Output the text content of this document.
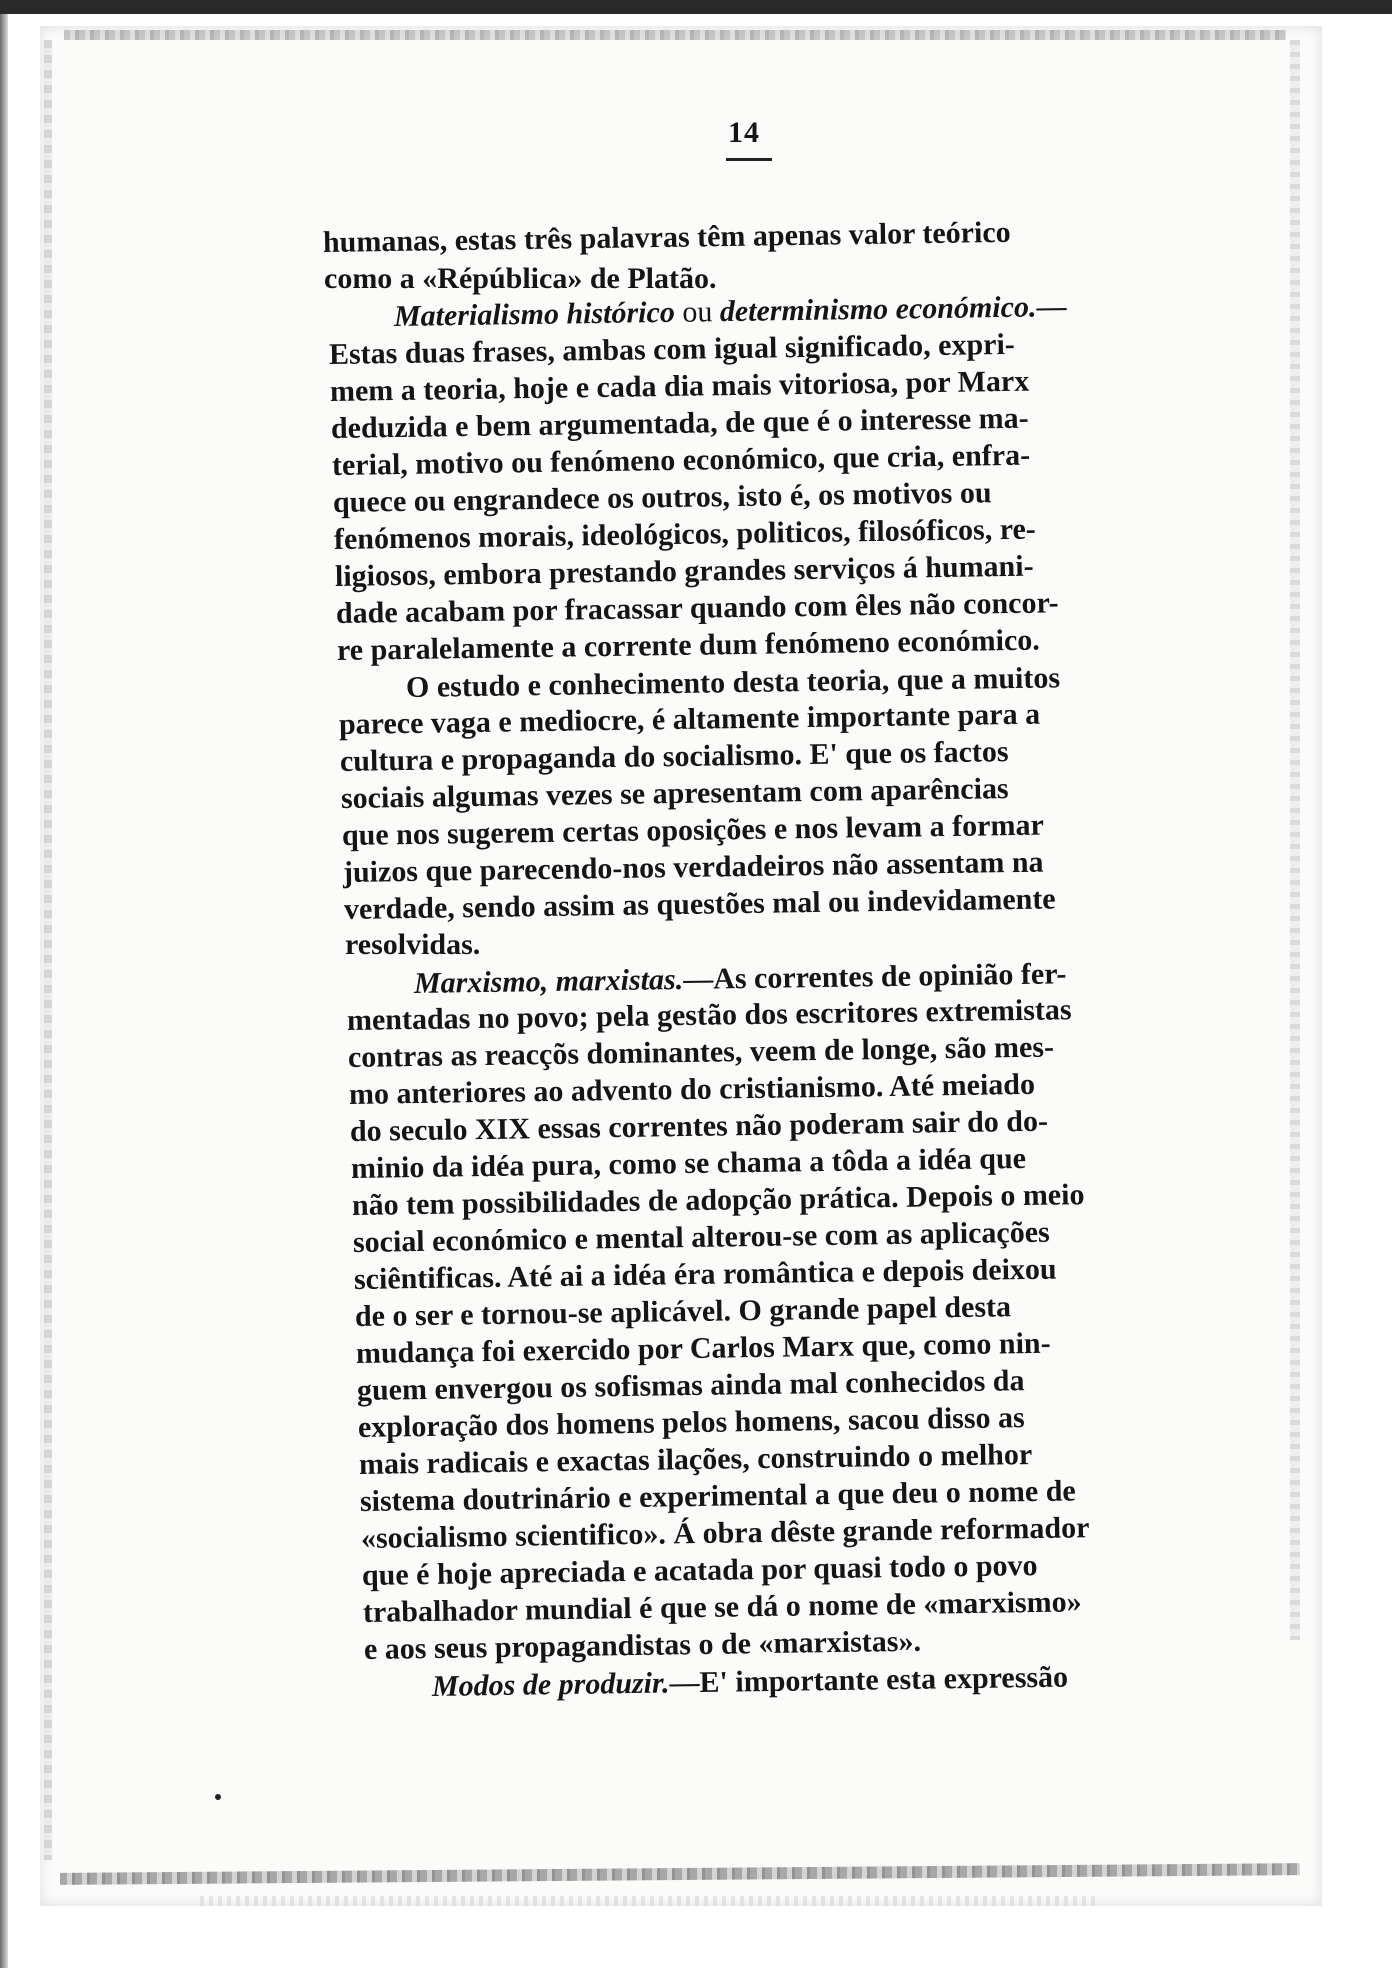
14
humanas, estas três palavras têm apenas valor teórico
como a «Répública» de Platão.
Materialismo histórico ou determinismo económico.—
Estas duas frases, ambas com igual significado, expri-
mem a teoria, hoje e cada dia mais vitoriosa, por Marx
deduzida e bem argumentada, de que é o interesse ma-
terial, motivo ou fenómeno económico, que cria, enfra-
quece ou engrandece os outros, isto é, os motivos ou
fenómenos morais, ideológicos, politicos, filosóficos, re-
ligiosos, embora prestando grandes serviços á humani-
dade acabam por fracassar quando com êles não concor-
re paralelamente a corrente dum fenómeno económico.
O estudo e conhecimento desta teoria, que a muitos
parece vaga e mediocre, é altamente importante para a
cultura e propaganda do socialismo. E' que os factos
sociais algumas vezes se apresentam com aparências
que nos sugerem certas oposições e nos levam a formar
juizos que parecendo-nos verdadeiros não assentam na
verdade, sendo assim as questões mal ou indevidamente
resolvidas.
Marxismo, marxistas.—As correntes de opinião fer-
mentadas no povo; pela gestão dos escritores extremistas
contras as reacçõs dominantes, veem de longe, são mes-
mo anteriores ao advento do cristianismo. Até meiado
do seculo XIX essas correntes não poderam sair do do-
minio da idéa pura, como se chama a tôda a idéa que
não tem possibilidades de adopção prática. Depois o meio
social económico e mental alterou-se com as aplicações
sciêntificas. Até ai a idéa éra romântica e depois deixou
de o ser e tornou-se aplicável. O grande papel desta
mudança foi exercido por Carlos Marx que, como nin-
guem envergou os sofismas ainda mal conhecidos da
exploração dos homens pelos homens, sacou disso as
mais radicais e exactas ilações, construindo o melhor
sistema doutrinário e experimental a que deu o nome de
«socialismo scientifico». Á obra dêste grande reformador
que é hoje apreciada e acatada por quasi todo o povo
trabalhador mundial é que se dá o nome de «marxismo»
e aos seus propagandistas o de «marxistas».
Modos de produzir.—E' importante esta expressão
